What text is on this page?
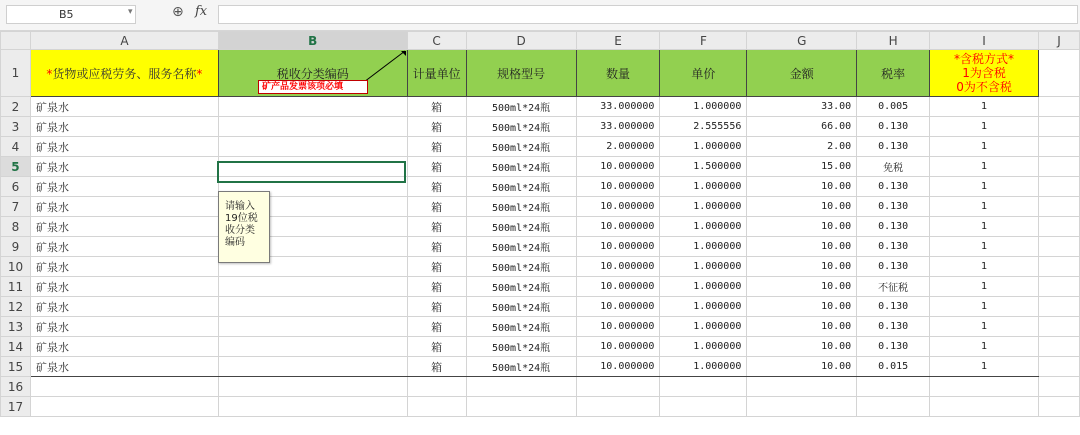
B5	▾	⊕ fx
	A	B	C	D	E	F	G	H	I	J
1	*货物或应税劳务、服务名称*	税收分类编码	计量单位	规格型号	数量	单价	金额	税率	*含税方式*
1为含税
0为不含税	

2	矿泉水		箱	500ml*24瓶	33.000000	1.000000	33.00	0.005	1	
3	矿泉水		箱	500ml*24瓶	33.000000	2.555556	66.00	0.130	1	
4	矿泉水		箱	500ml*24瓶	2.000000	1.000000	2.00	0.130	1	
5	矿泉水		箱	500ml*24瓶	10.000000	1.500000	15.00	免税	1	
6	矿泉水		箱	500ml*24瓶	10.000000	1.000000	10.00	0.130	1	
7	矿泉水		箱	500ml*24瓶	10.000000	1.000000	10.00	0.130	1	
8	矿泉水		箱	500ml*24瓶	10.000000	1.000000	10.00	0.130	1	
9	矿泉水		箱	500ml*24瓶	10.000000	1.000000	10.00	0.130	1	
10	矿泉水		箱	500ml*24瓶	10.000000	1.000000	10.00	0.130	1	
11	矿泉水		箱	500ml*24瓶	10.000000	1.000000	10.00	不征税	1	
12	矿泉水		箱	500ml*24瓶	10.000000	1.000000	10.00	0.130	1	
13	矿泉水		箱	500ml*24瓶	10.000000	1.000000	10.00	0.130	1	
14	矿泉水		箱	500ml*24瓶	10.000000	1.000000	10.00	0.130	1	
15	矿泉水		箱	500ml*24瓶	10.000000	1.000000	10.00	0.015	1	
16										
17										
矿产品发票该项必填
请输入
19位税
收分类
编码
